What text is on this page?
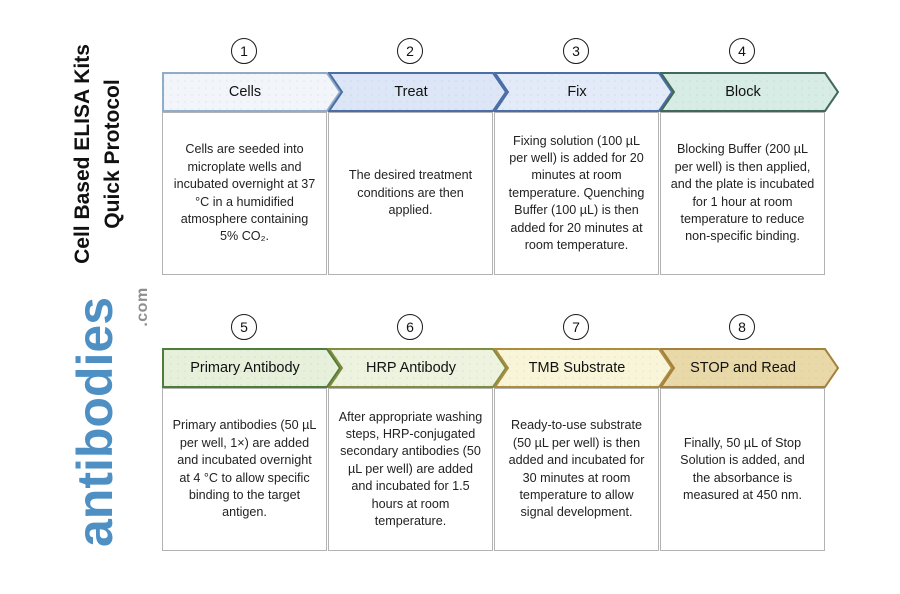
Cell Based ELISA Kits Quick Protocol
antibodies .com
1
Cells

Cells are seeded into microplate wells and incubated overnight at 37 °C in a humidified atmosphere containing 5% CO₂.

2
Treat

The desired treatment conditions are then applied.

3
Fix

Fixing solution (100 µL per well) is added for 20 minutes at room temperature. Quenching Buffer (100 µL) is then added for 20 minutes at room temperature.

4
Block

Blocking Buffer (200 µL per well) is then applied, and the plate is incubated for 1 hour at room temperature to reduce non-specific binding.

5
Primary Antibody

Primary antibodies (50 µL per well, 1×) are added and incubated overnight at 4 °C to allow specific binding to the target antigen.

6
HRP Antibody

After appropriate washing steps, HRP-conjugated secondary antibodies (50 µL per well) are added and incubated for 1.5 hours at room temperature.

7
TMB Substrate

Ready-to-use substrate (50 µL per well) is then added and incubated for 30 minutes at room temperature to allow signal development.

8
STOP and Read

Finally, 50 µL of Stop Solution is added, and the absorbance is measured at 450 nm.
